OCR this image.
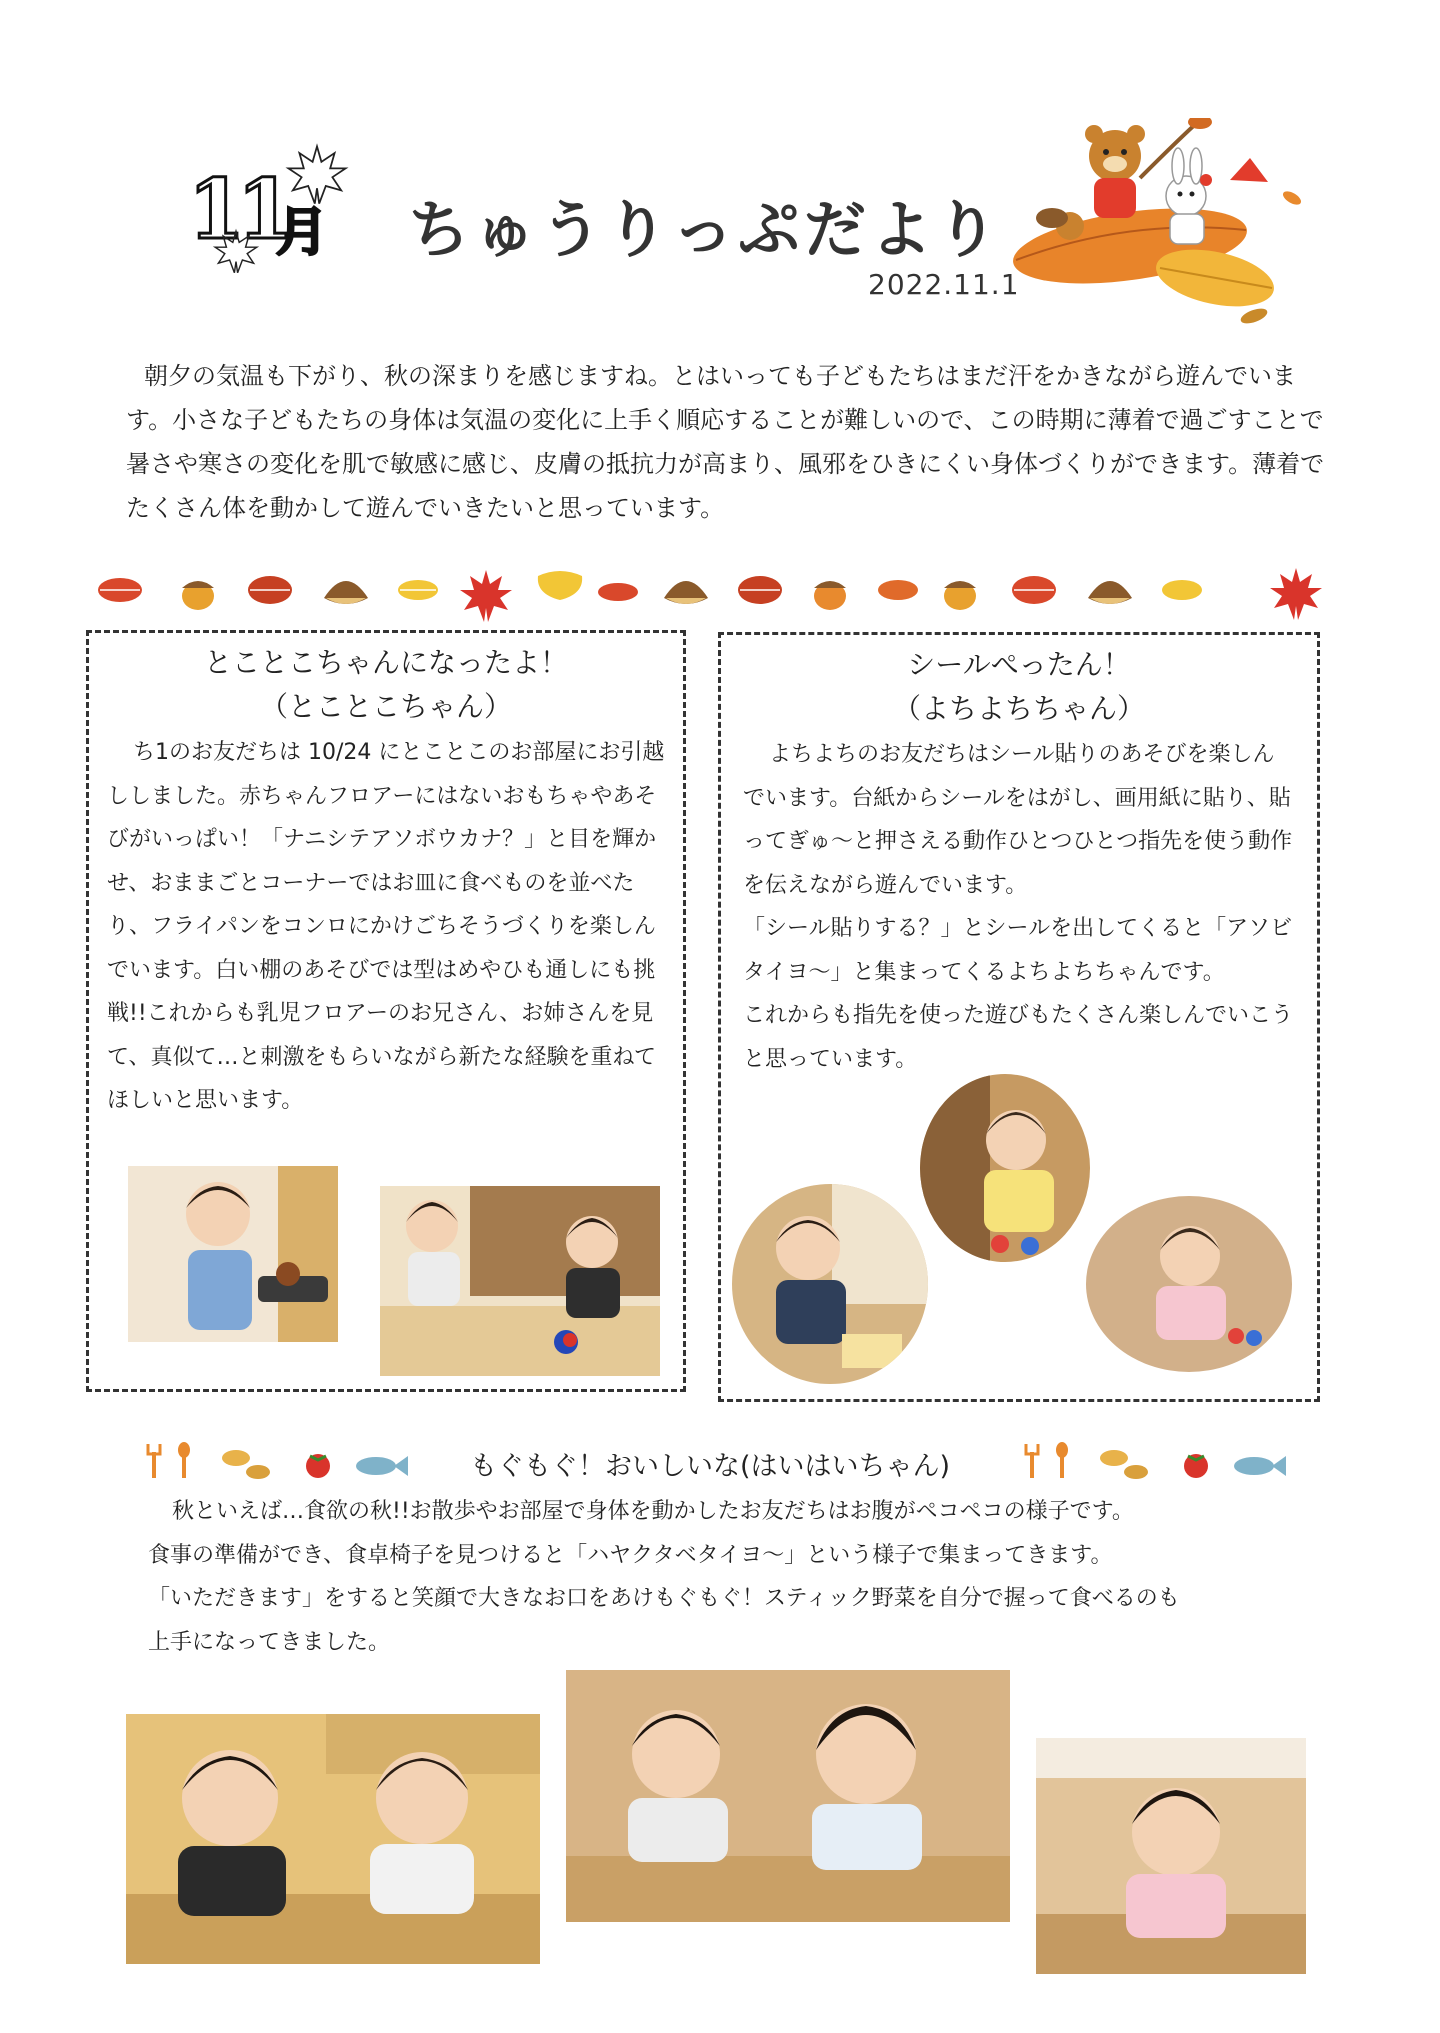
11
月 ちゅうりっぷだより
2022.11.1

朝夕の気温も下がり、秋の深まりを感じますね。とはいっても子どもたちはまだ汗をかきながら遊んでいます。小さな子どもたちの身体は気温の変化に上手く順応することが難しいので、この時期に薄着で過ごすことで暑さや寒さの変化を肌で敏感に感じ、皮膚の抵抗力が高まり、風邪をひきにくい身体づくりができます。薄着でたくさん体を動かして遊んでいきたいと思っています。

とことこちゃんになったよ！
（とことこちゃん）

ち1のお友だちは 10/24 にとことこのお部屋にお引越ししました。赤ちゃんフロアーにはないおもちゃやあそびがいっぱい！「ナニシテアソボウカナ？」と目を輝かせ、おままごとコーナーではお皿に食べものを並べたり、フライパンをコンロにかけごちそうづくりを楽しんでいます。白い棚のあそびでは型はめやひも通しにも挑戦!!これからも乳児フロアーのお兄さん、お姉さんを見て、真似て…と刺激をもらいながら新たな経験を重ねてほしいと思います。

シールぺったん！
（よちよちちゃん）

よちよちのお友だちはシール貼りのあそびを楽しんでいます。台紙からシールをはがし、画用紙に貼り、貼ってぎゅ～と押さえる動作ひとつひとつ指先を使う動作を伝えながら遊んでいます。

「シール貼りする？」とシールを出してくると「アソビタイヨ～」と集まってくるよちよちちゃんです。

これからも指先を使った遊びもたくさん楽しんでいこうと思っています。

もぐもぐ！おいしいな(はいはいちゃん)

秋といえば…食欲の秋!!お散歩やお部屋で身体を動かしたお友だちはお腹がペコペコの様子です。

食事の準備ができ、食卓椅子を見つけると「ハヤクタベタイヨ～」という様子で集まってきます。

「いただきます」をすると笑顔で大きなお口をあけもぐもぐ！スティック野菜を自分で握って食べるのも

上手になってきました。
